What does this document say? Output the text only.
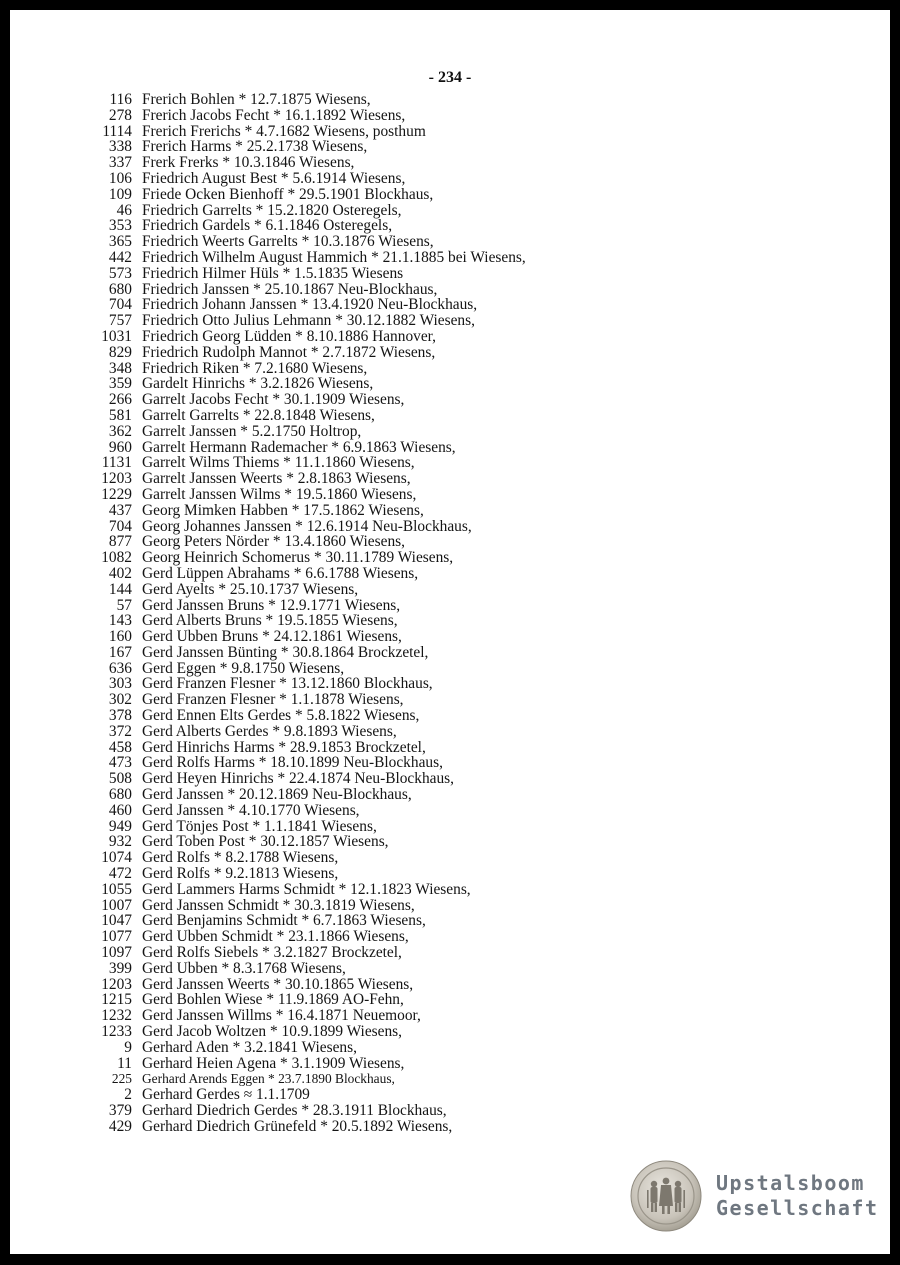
- 234 -
116 Frerich Bohlen * 12.7.1875 Wiesens,
278 Frerich Jacobs Fecht * 16.1.1892 Wiesens,
1114 Frerich Frerichs * 4.7.1682 Wiesens, posthum
338 Frerich Harms * 25.2.1738 Wiesens,
337 Frerk Frerks * 10.3.1846 Wiesens,
106 Friedrich August Best * 5.6.1914 Wiesens,
109 Friede Ocken Bienhoff * 29.5.1901 Blockhaus,
46 Friedrich Garrelts * 15.2.1820 Osteregels,
353 Friedrich Gardels * 6.1.1846 Osteregels,
365 Friedrich Weerts Garrelts * 10.3.1876 Wiesens,
442 Friedrich Wilhelm August Hammich * 21.1.1885 bei Wiesens,
573 Friedrich Hilmer Hüls * 1.5.1835 Wiesens
680 Friedrich Janssen * 25.10.1867 Neu-Blockhaus,
704 Friedrich Johann Janssen * 13.4.1920 Neu-Blockhaus,
757 Friedrich Otto Julius Lehmann * 30.12.1882 Wiesens,
1031 Friedrich Georg Lüdden * 8.10.1886 Hannover,
829 Friedrich Rudolph Mannot * 2.7.1872 Wiesens,
348 Friedrich Riken * 7.2.1680 Wiesens,
359 Gardelt Hinrichs * 3.2.1826 Wiesens,
266 Garrelt Jacobs Fecht * 30.1.1909 Wiesens,
581 Garrelt Garrelts * 22.8.1848 Wiesens,
362 Garrelt Janssen * 5.2.1750 Holtrop,
960 Garrelt Hermann Rademacher * 6.9.1863 Wiesens,
1131 Garrelt Wilms Thiems * 11.1.1860 Wiesens,
1203 Garrelt Janssen Weerts * 2.8.1863 Wiesens,
1229 Garrelt Janssen Wilms * 19.5.1860 Wiesens,
437 Georg Mimken Habben * 17.5.1862 Wiesens,
704 Georg Johannes Janssen * 12.6.1914 Neu-Blockhaus,
877 Georg Peters Nörder * 13.4.1860 Wiesens,
1082 Georg Heinrich Schomerus * 30.11.1789 Wiesens,
402 Gerd Lüppen Abrahams * 6.6.1788 Wiesens,
144 Gerd Ayelts * 25.10.1737 Wiesens,
57 Gerd Janssen Bruns * 12.9.1771 Wiesens,
143 Gerd Alberts Bruns * 19.5.1855 Wiesens,
160 Gerd Ubben Bruns * 24.12.1861 Wiesens,
167 Gerd Janssen Bünting * 30.8.1864 Brockzetel,
636 Gerd Eggen * 9.8.1750 Wiesens,
303 Gerd Franzen Flesner * 13.12.1860 Blockhaus,
302 Gerd Franzen Flesner * 1.1.1878 Wiesens,
378 Gerd Ennen Elts Gerdes * 5.8.1822 Wiesens,
372 Gerd Alberts Gerdes * 9.8.1893 Wiesens,
458 Gerd Hinrichs Harms * 28.9.1853 Brockzetel,
473 Gerd Rolfs Harms * 18.10.1899 Neu-Blockhaus,
508 Gerd Heyen Hinrichs * 22.4.1874 Neu-Blockhaus,
680 Gerd Janssen * 20.12.1869 Neu-Blockhaus,
460 Gerd Janssen * 4.10.1770 Wiesens,
949 Gerd Tönjes Post * 1.1.1841 Wiesens,
932 Gerd Toben Post * 30.12.1857 Wiesens,
1074 Gerd Rolfs * 8.2.1788 Wiesens,
472 Gerd Rolfs * 9.2.1813 Wiesens,
1055 Gerd Lammers Harms Schmidt * 12.1.1823 Wiesens,
1007 Gerd Janssen Schmidt * 30.3.1819 Wiesens,
1047 Gerd Benjamins Schmidt * 6.7.1863 Wiesens,
1077 Gerd Ubben Schmidt * 23.1.1866 Wiesens,
1097 Gerd Rolfs Siebels * 3.2.1827 Brockzetel,
399 Gerd Ubben * 8.3.1768 Wiesens,
1203 Gerd Janssen Weerts * 30.10.1865 Wiesens,
1215 Gerd Bohlen Wiese * 11.9.1869 AO-Fehn,
1232 Gerd Janssen Willms * 16.4.1871 Neuemoor,
1233 Gerd Jacob Woltzen * 10.9.1899 Wiesens,
9 Gerhard Aden * 3.2.1841 Wiesens,
11 Gerhard Heien Agena * 3.1.1909 Wiesens,
225 Gerhard Arends Eggen * 23.7.1890 Blockhaus,
2 Gerhard Gerdes ≈ 1.1.1709
379 Gerhard Diedrich Gerdes * 28.3.1911 Blockhaus,
429 Gerhard Diedrich Grünefeld * 20.5.1892 Wiesens,
Upstalsboom
Gesellschaft
